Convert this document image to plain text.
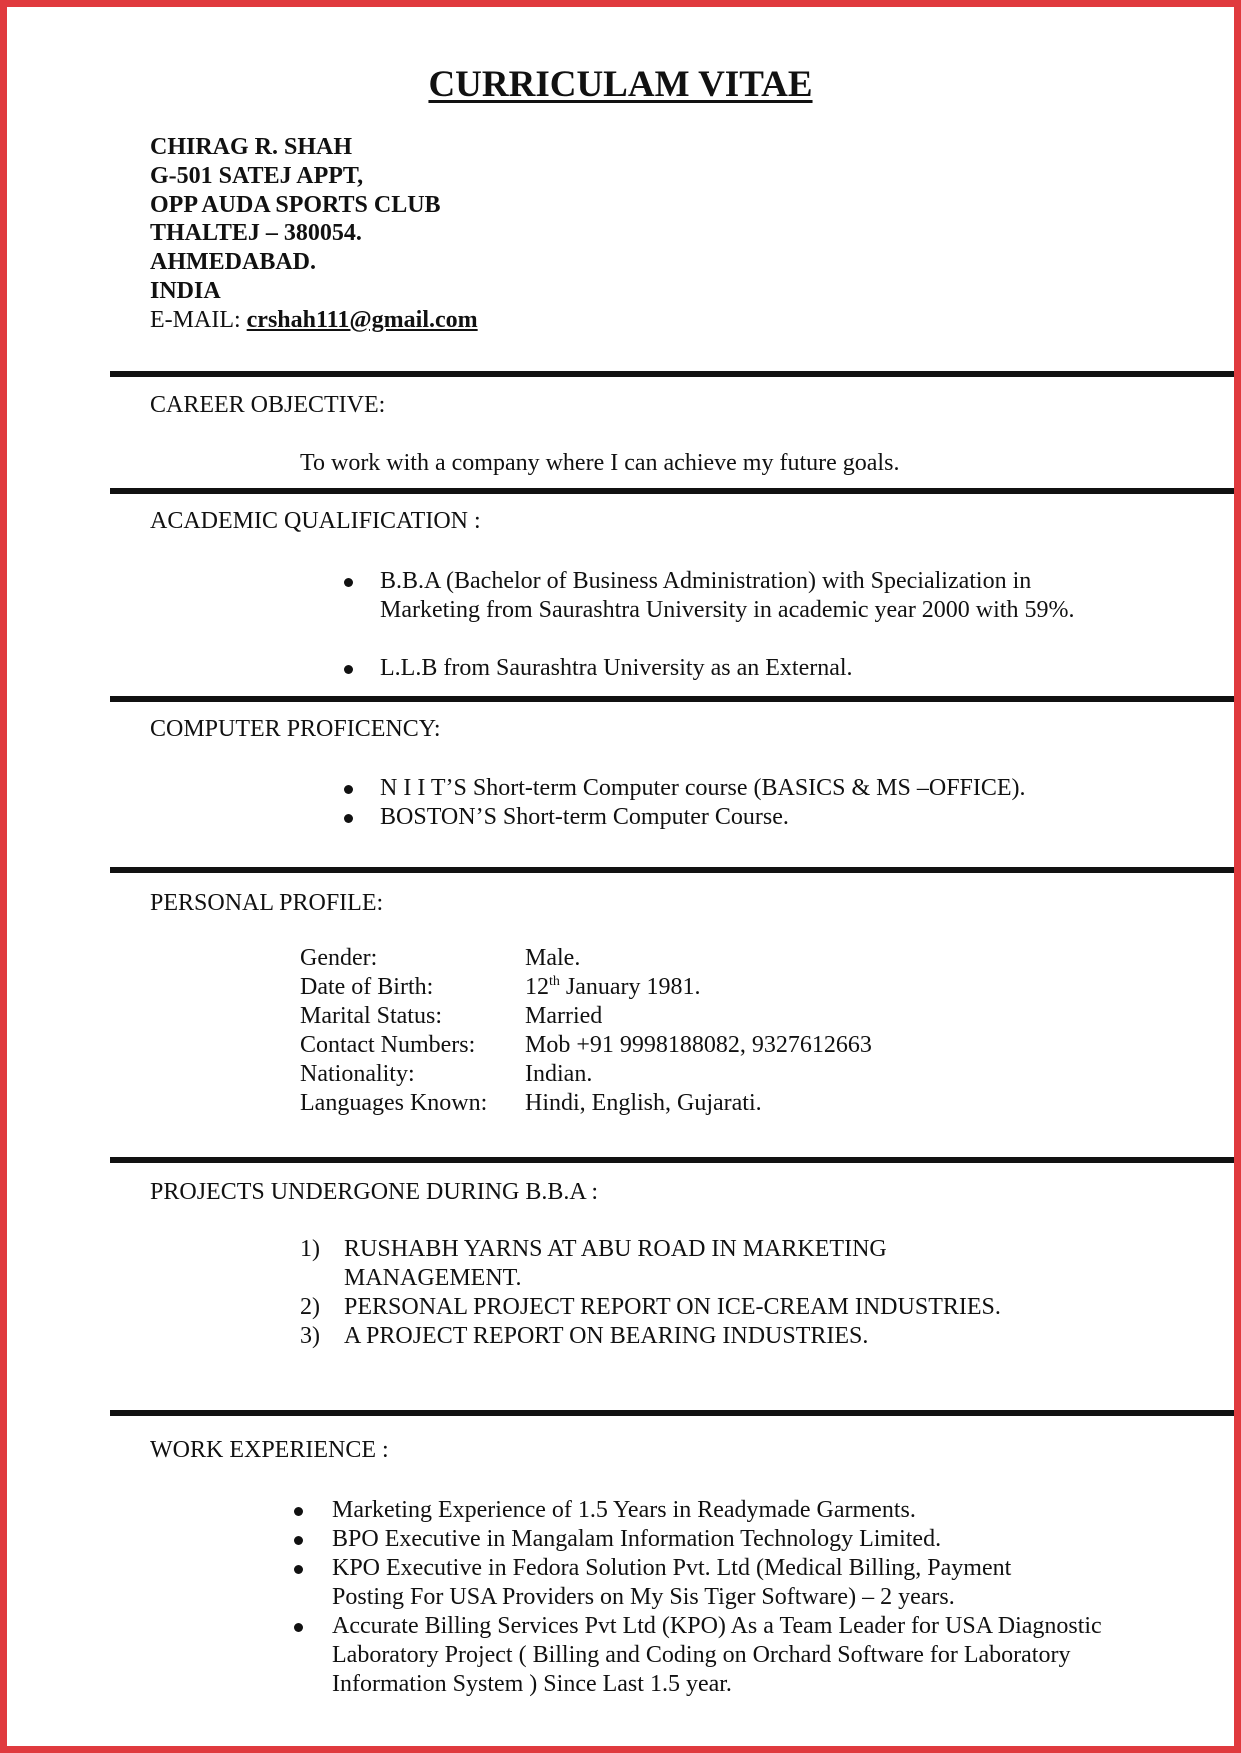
CURRICULAM VITAE
CHIRAG R. SHAH
G-501 SATEJ APPT,
OPP AUDA SPORTS CLUB
THALTEJ – 380054.
AHMEDABAD.
INDIA
E-MAIL: crshah111@gmail.com
CAREER OBJECTIVE:
To work with a company where I can achieve my future goals.
ACADEMIC QUALIFICATION :
B.B.A (Bachelor of Business Administration) with Specialization in Marketing from Saurashtra University in academic year 2000 with 59%.
L.L.B from Saurashtra University as an External.
COMPUTER PROFICENCY:
N I I T’S Short-term Computer course (BASICS & MS –OFFICE).
BOSTON’S Short-term Computer Course.
PERSONAL PROFILE:
Gender:	Male.
Date of Birth:	12th January 1981.
Marital Status:	Married
Contact Numbers:	Mob +91 9998188082, 9327612663
Nationality:	Indian.
Languages Known:	Hindi, English, Gujarati.
PROJECTS UNDERGONE DURING B.B.A :
1) RUSHABH YARNS AT ABU ROAD IN MARKETING MANAGEMENT.
2) PERSONAL PROJECT REPORT ON ICE-CREAM INDUSTRIES.
3) A PROJECT REPORT ON BEARING INDUSTRIES.
WORK EXPERIENCE :
Marketing Experience of 1.5 Years in Readymade Garments.
BPO Executive in Mangalam Information Technology Limited.
KPO Executive in Fedora Solution Pvt. Ltd (Medical Billing, Payment Posting For USA Providers on My Sis Tiger Software) – 2 years.
Accurate Billing Services Pvt Ltd (KPO) As a Team Leader for USA Diagnostic Laboratory Project ( Billing and Coding on Orchard Software for Laboratory Information System ) Since Last 1.5 year.
